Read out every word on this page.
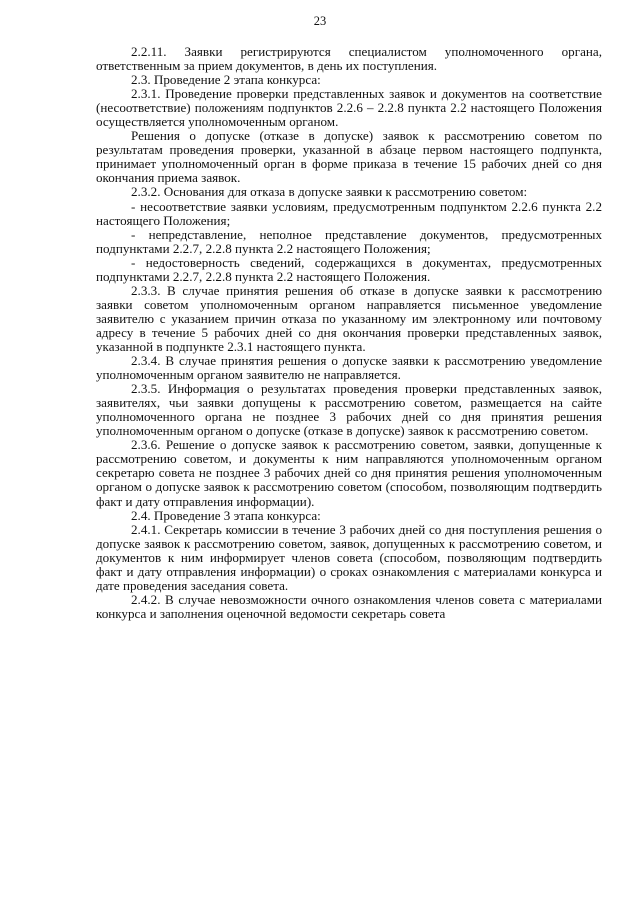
23

2.2.11. Заявки регистрируются специалистом уполномоченного органа, ответственным за прием документов, в день их поступления.

2.3. Проведение 2 этапа конкурса:

2.3.1. Проведение проверки представленных заявок и документов на соответствие (несоответствие) положениям подпунктов 2.2.6 – 2.2.8 пункта 2.2 настоящего Положения осуществляется уполномоченным органом.

Решения о допуске (отказе в допуске) заявок к рассмотрению советом по результатам проведения проверки, указанной в абзаце первом настоящего подпункта, принимает уполномоченный орган в форме приказа в течение 15 рабочих дней со дня окончания приема заявок.

2.3.2. Основания для отказа в допуске заявки к рассмотрению советом:

- несоответствие заявки условиям, предусмотренным подпунктом 2.2.6 пункта 2.2 настоящего Положения;

- непредставление, неполное представление документов, предусмотренных подпунктами 2.2.7, 2.2.8 пункта 2.2 настоящего Положения;

- недостоверность сведений, содержащихся в документах, предусмотренных подпунктами 2.2.7, 2.2.8 пункта 2.2 настоящего Положения.

2.3.3. В случае принятия решения об отказе в допуске заявки к рассмотрению заявки советом уполномоченным органом направляется письменное уведомление заявителю с указанием причин отказа по указанному им электронному или почтовому адресу в течение 5 рабочих дней со дня окончания проверки представленных заявок, указанной в подпункте 2.3.1 настоящего пункта.

2.3.4. В случае принятия решения о допуске заявки к рассмотрению уведомление уполномоченным органом заявителю не направляется.

2.3.5. Информация о результатах проведения проверки представленных заявок, заявителях, чьи заявки допущены к рассмотрению советом, размещается на сайте уполномоченного органа не позднее 3 рабочих дней со дня принятия решения уполномоченным органом о допуске (отказе в допуске) заявок к рассмотрению советом.

2.3.6. Решение о допуске заявок к рассмотрению советом, заявки, допущенные к рассмотрению советом, и документы к ним направляются уполномоченным органом секретарю совета не позднее 3 рабочих дней со дня принятия решения уполномоченным органом о допуске заявок к рассмотрению советом (способом, позволяющим подтвердить факт и дату отправления информации).

2.4. Проведение 3 этапа конкурса:

2.4.1. Секретарь комиссии в течение 3 рабочих дней со дня поступления решения о допуске заявок к рассмотрению советом, заявок, допущенных к рассмотрению советом, и документов к ним информирует членов совета (способом, позволяющим подтвердить факт и дату отправления информации) о сроках ознакомления с материалами конкурса и дате проведения заседания совета.

2.4.2. В случае невозможности очного ознакомления членов совета с материалами конкурса и заполнения оценочной ведомости секретарь совета
